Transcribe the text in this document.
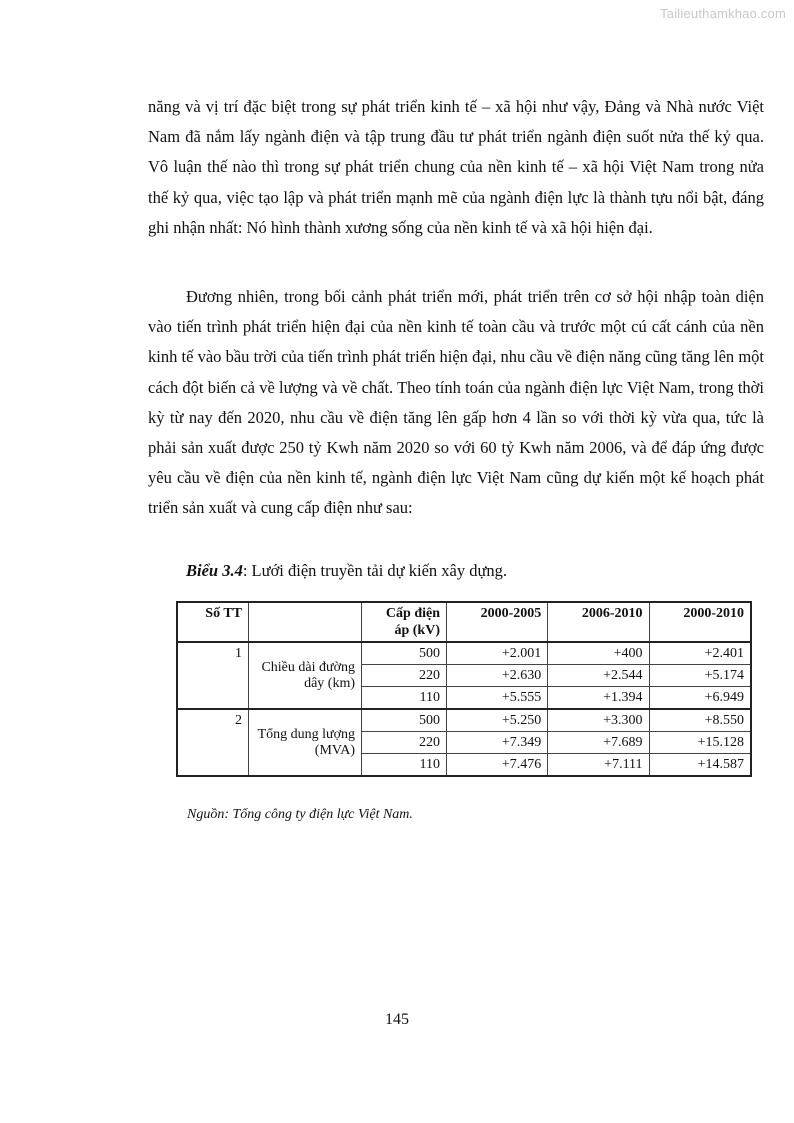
Tailieuthamkhao.com

năng và vị trí đặc biệt trong sự phát triển kinh tế – xã hội như vậy, Đảng và Nhà nước Việt Nam đã nắm lấy ngành điện và tập trung đầu tư phát triển ngành điện suốt nửa thế kỷ qua. Vô luận thế nào thì trong sự phát triển chung của nền kinh tế – xã hội Việt Nam trong nửa thế kỷ qua, việc tạo lập và phát triển mạnh mẽ của ngành điện lực là thành tựu nổi bật, đáng ghi nhận nhất: Nó hình thành xương sống của nền kinh tế và xã hội hiện đại.

Đương nhiên, trong bối cảnh phát triển mới, phát triển trên cơ sở hội nhập toàn diện vào tiến trình phát triển hiện đại của nền kinh tế toàn cầu và trước một cú cất cánh của nền kinh tế vào bầu trời của tiến trình phát triển hiện đại, nhu cầu về điện năng cũng tăng lên một cách đột biến cả về lượng và về chất. Theo tính toán của ngành điện lực Việt Nam, trong thời kỳ từ nay đến 2020, nhu cầu về điện tăng lên gấp hơn 4 lần so với thời kỳ vừa qua, tức là phải sản xuất được 250 tỷ Kwh năm 2020 so với 60 tỷ Kwh năm 2006, và để đáp ứng được yêu cầu về điện của nền kinh tế, ngành điện lực Việt Nam cũng dự kiến một kế hoạch phát triển sản xuất và cung cấp điện như sau:

Biểu 3.4: Lưới điện truyền tải dự kiến xây dựng.

Số TT		Cấp điện áp (kV)	2000-2005	2006-2010	2000-2010
1	Chiều dài đường dây (km)	500	+2.001	+400	+2.401
		220	+2.630	+2.544	+5.174
		110	+5.555	+1.394	+6.949
2	Tổng dung lượng (MVA)	500	+5.250	+3.300	+8.550
		220	+7.349	+7.689	+15.128
		110	+7.476	+7.111	+14.587

Nguồn: Tổng công ty điện lực Việt Nam.

145
